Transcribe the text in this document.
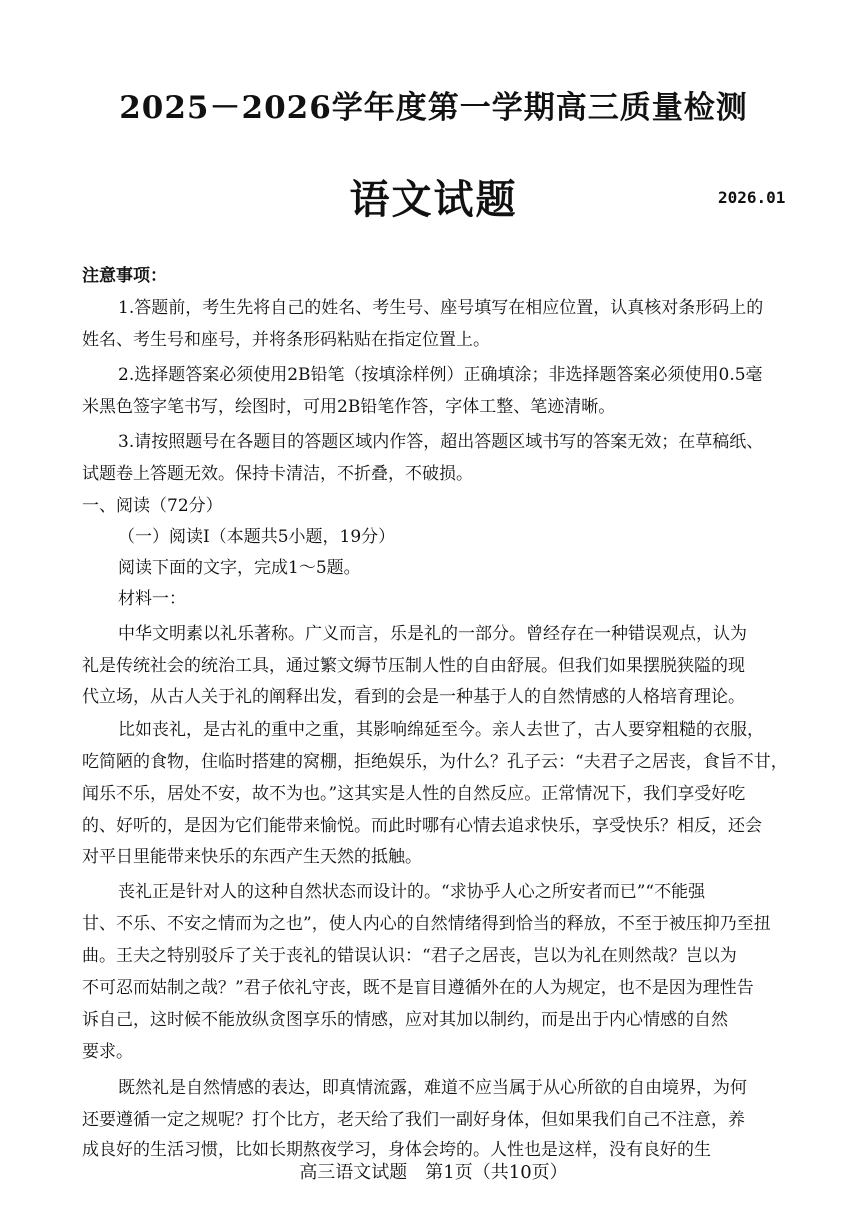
2025－2026学年度第一学期高三质量检测
语文试题	2026.01
注意事项：
1.答题前，考生先将自己的姓名、考生号、座号填写在相应位置，认真核对条形码上的
姓名、考生号和座号，并将条形码粘贴在指定位置上。
2.选择题答案必须使用2B铅笔（按填涂样例）正确填涂；非选择题答案必须使用0.5毫
米黑色签字笔书写，绘图时，可用2B铅笔作答，字体工整、笔迹清晰。
3.请按照题号在各题目的答题区域内作答，超出答题区域书写的答案无效；在草稿纸、
试题卷上答题无效。保持卡清洁，不折叠，不破损。
一、阅读（72分）
（一）阅读Ⅰ（本题共5小题，19分）
阅读下面的文字，完成1～5题。
材料一：
中华文明素以礼乐著称。广义而言，乐是礼的一部分。曾经存在一种错误观点，认为
礼是传统社会的统治工具，通过繁文缛节压制人性的自由舒展。但我们如果摆脱狭隘的现
代立场，从古人关于礼的阐释出发，看到的会是一种基于人的自然情感的人格培育理论。
比如丧礼，是古礼的重中之重，其影响绵延至今。亲人去世了，古人要穿粗糙的衣服，
吃简陋的食物，住临时搭建的窝棚，拒绝娱乐，为什么？孔子云：“夫君子之居丧，食旨不甘，
闻乐不乐，居处不安，故不为也。”这其实是人性的自然反应。正常情况下，我们享受好吃
的、好听的，是因为它们能带来愉悦。而此时哪有心情去追求快乐，享受快乐？相反，还会
对平日里能带来快乐的东西产生天然的抵触。
丧礼正是针对人的这种自然状态而设计的。“求协乎人心之所安者而已”“不能强
甘、不乐、不安之情而为之也”，使人内心的自然情绪得到恰当的释放，不至于被压抑乃至扭
曲。王夫之特别驳斥了关于丧礼的错误认识：“君子之居丧，岂以为礼在则然哉？岂以为
不可忍而姑制之哉？”君子依礼守丧，既不是盲目遵循外在的人为规定，也不是因为理性告
诉自己，这时候不能放纵贪图享乐的情感，应对其加以制约，而是出于内心情感的自然
要求。
既然礼是自然情感的表达，即真情流露，难道不应当属于从心所欲的自由境界，为何
还要遵循一定之规呢？打个比方，老天给了我们一副好身体，但如果我们自己不注意，养
成良好的生活习惯，比如长期熬夜学习，身体会垮的。人性也是这样，没有良好的生
高三语文试题　第1页（共10页）
